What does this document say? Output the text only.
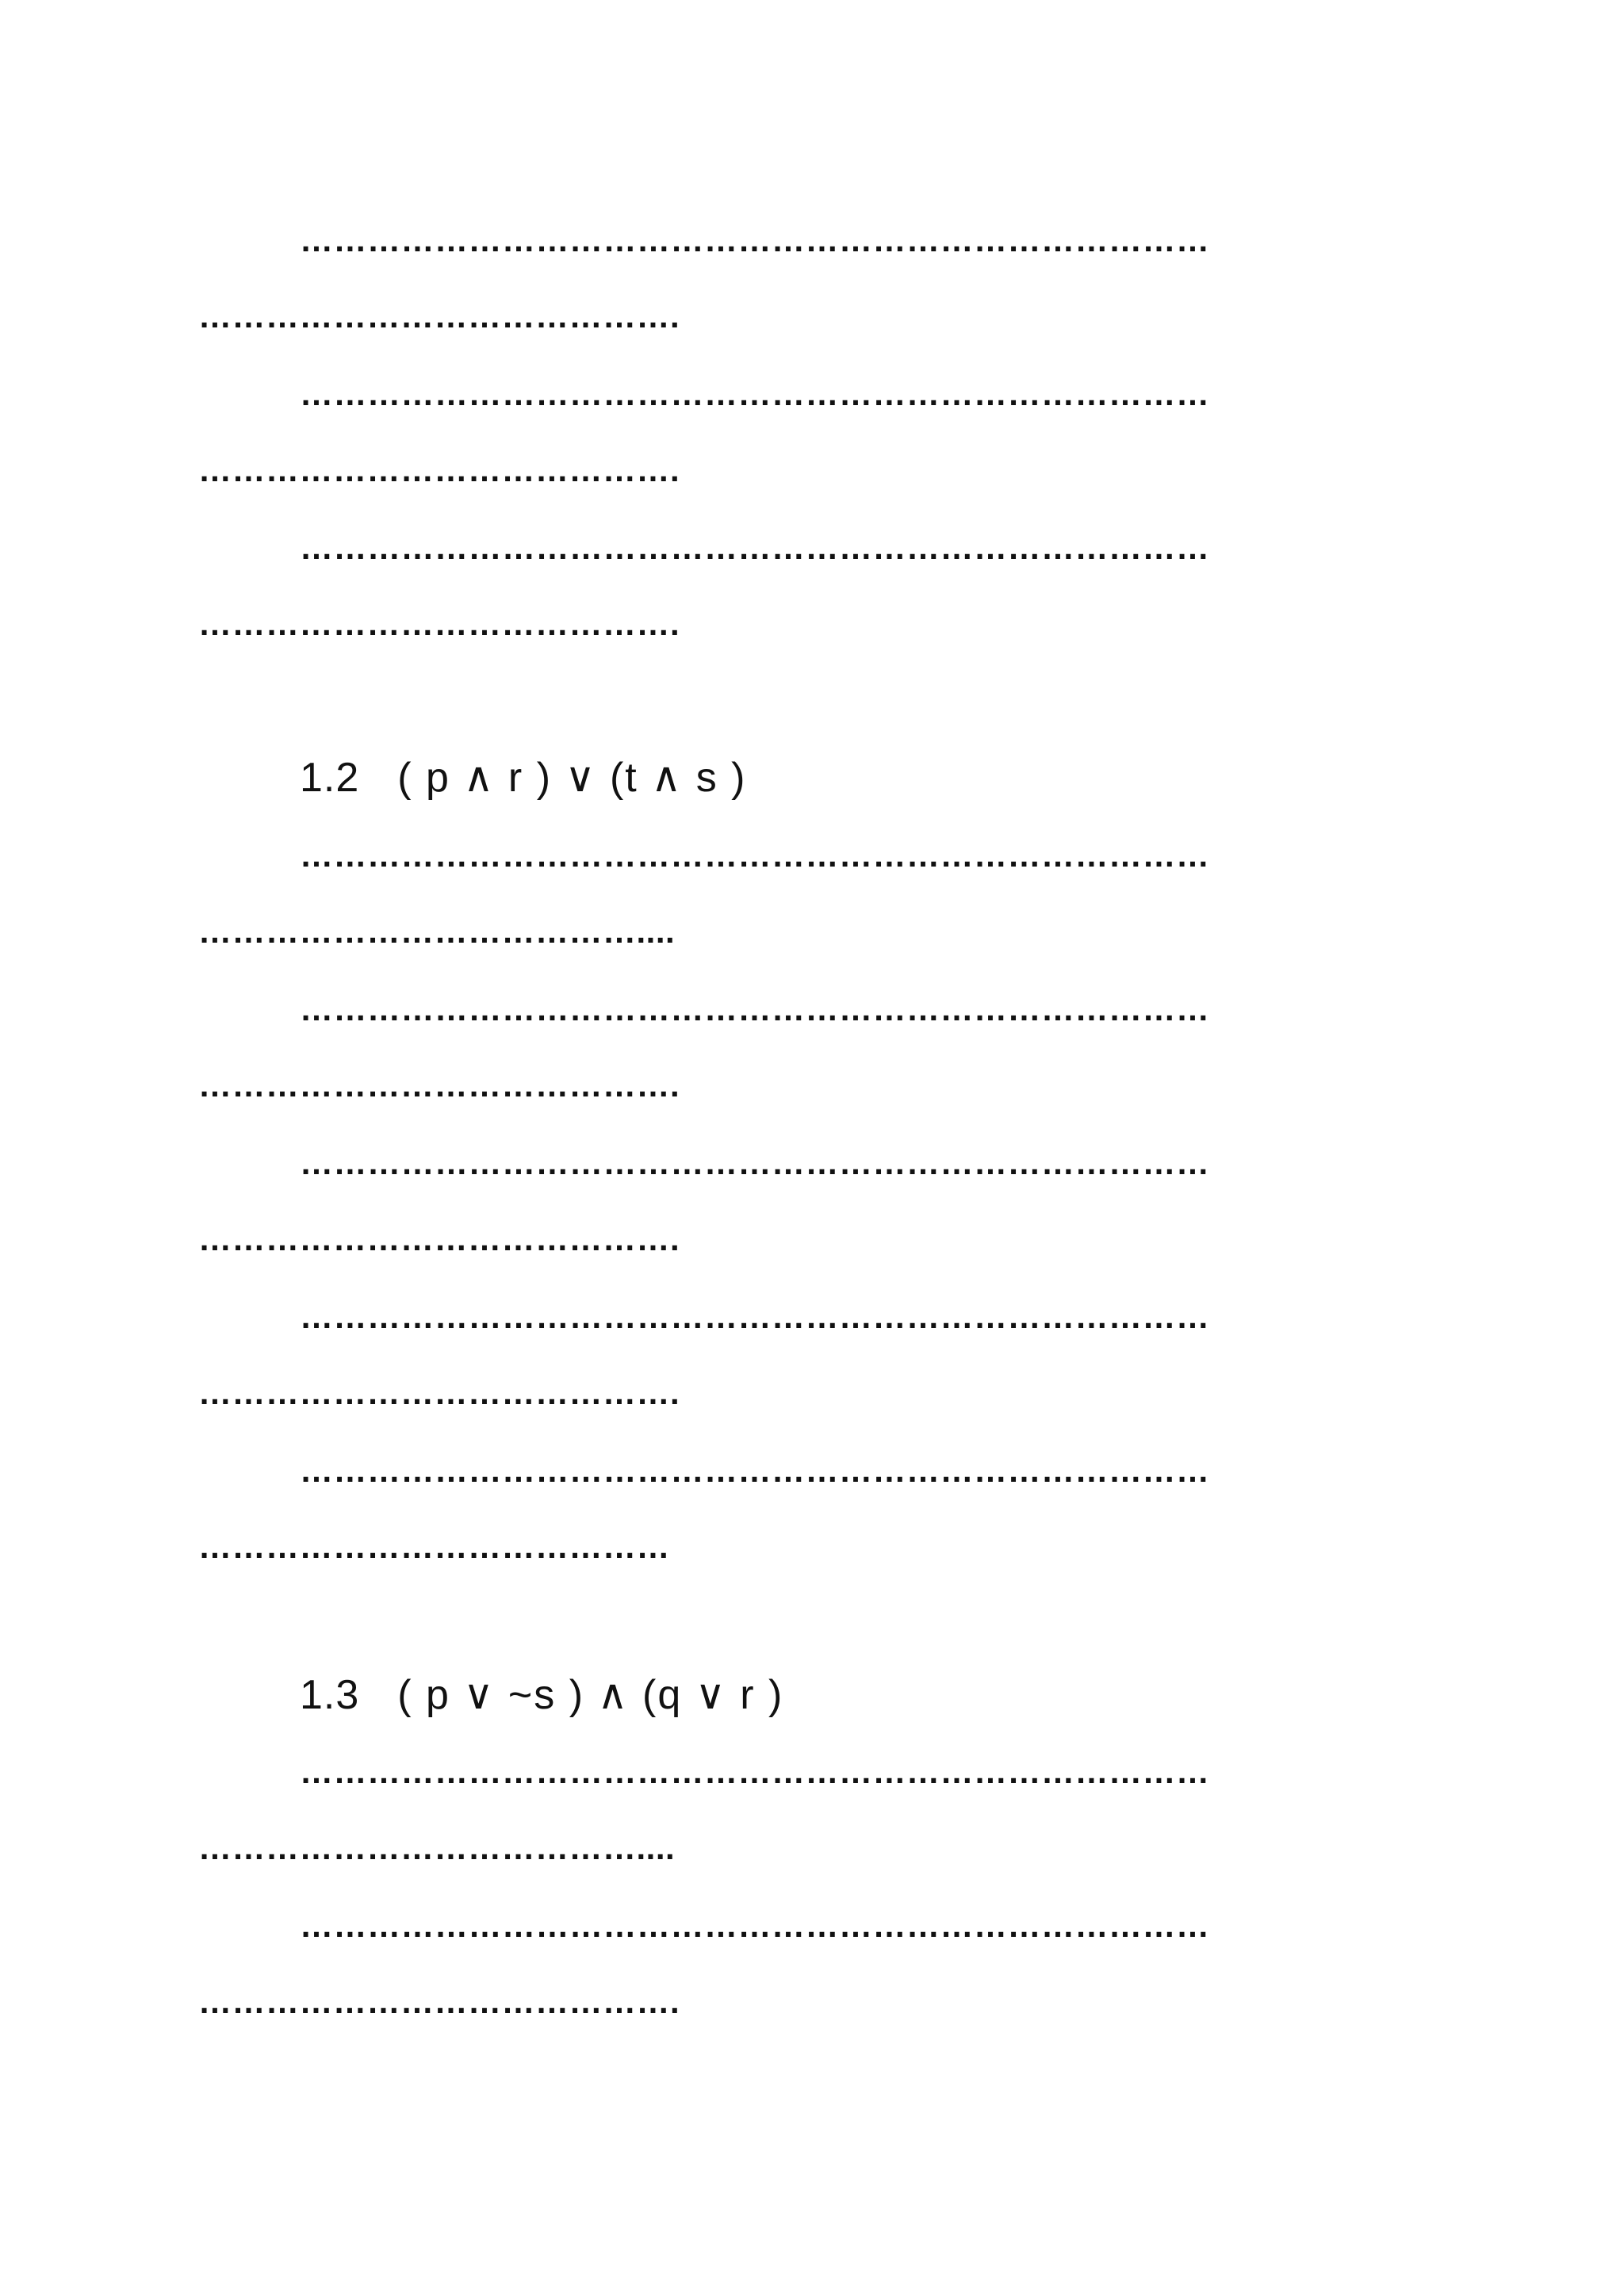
………………………………………………………………………
…………………………………….
………………………………………………………………………
…………………………………….
………………………………………………………………………
…………………………………….
1.2 ( p ∧ r ) ∨ (t ∧ s )
………………………………………………………………………
…………………………………....
………………………………………………………………………
…………………………………….
………………………………………………………………………
…………………………………….
………………………………………………………………………
…………………………………….
………………………………………………………………………
……………………………………
1.3 ( p ∨ ~s ) ∧ (q ∨ r )
………………………………………………………………………
…………………………………....
………………………………………………………………………
…………………………………….
